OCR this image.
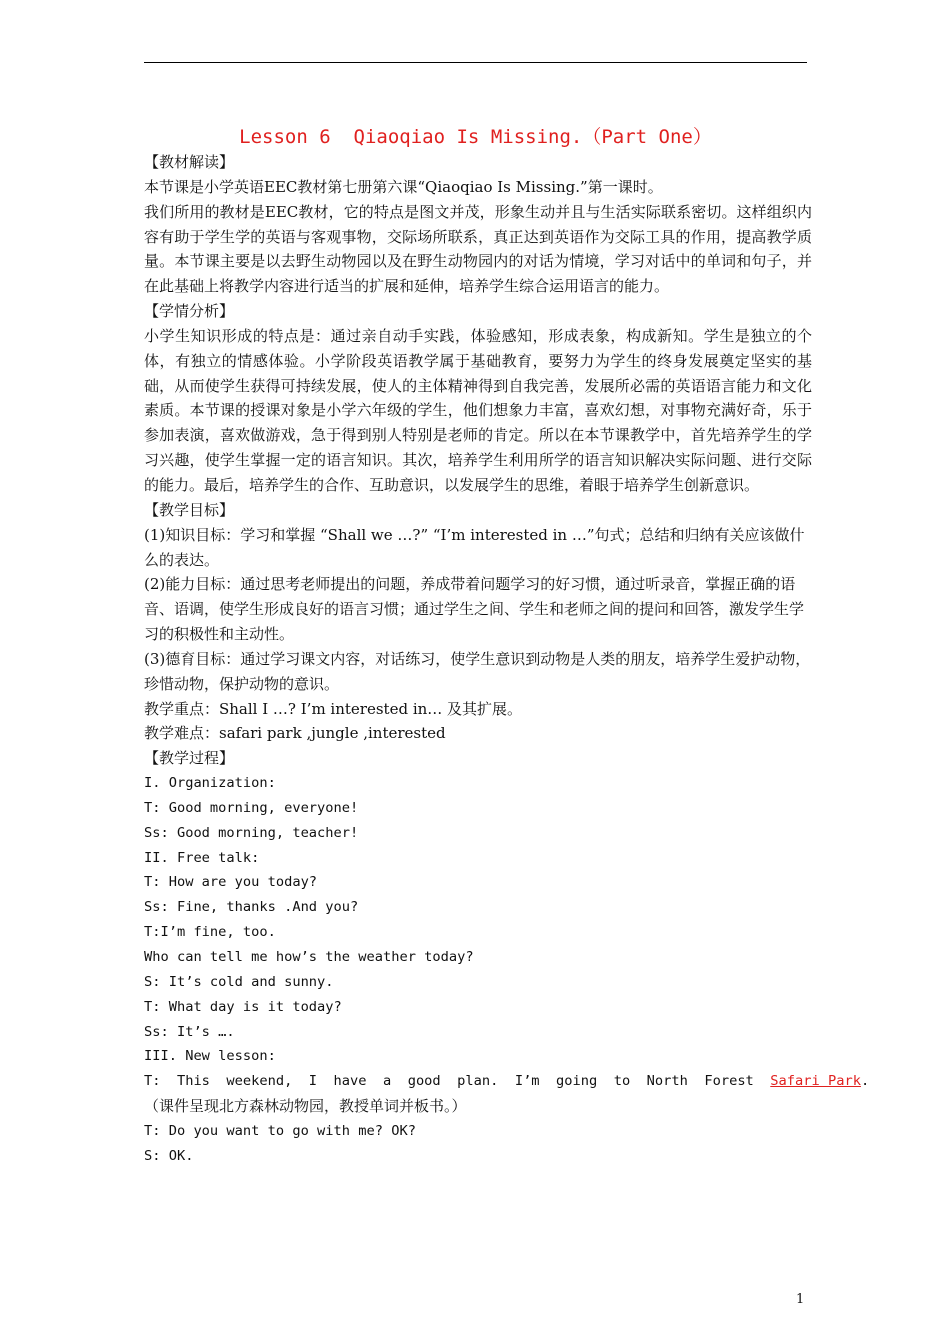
Lesson 6  Qiaoqiao Is Missing.（Part One）

【教材解读】

本节课是小学英语EEC教材第七册第六课“Qiaoqiao Is Missing.”第一课时。

我们所用的教材是EEC教材，它的特点是图文并茂，形象生动并且与生活实际联系密切。这样组织内容有助于学生学的英语与客观事物，交际场所联系，真正达到英语作为交际工具的作用，提高教学质量。本节课主要是以去野生动物园以及在野生动物园内的对话为情境，学习对话中的单词和句子，并在此基础上将教学内容进行适当的扩展和延伸，培养学生综合运用语言的能力。

【学情分析】

小学生知识形成的特点是：通过亲自动手实践，体验感知，形成表象，构成新知。学生是独立的个体，有独立的情感体验。小学阶段英语教学属于基础教育，要努力为学生的终身发展奠定坚实的基础，从而使学生获得可持续发展，使人的主体精神得到自我完善，发展所必需的英语语言能力和文化素质。本节课的授课对象是小学六年级的学生，他们想象力丰富，喜欢幻想，对事物充满好奇，乐于参加表演，喜欢做游戏，急于得到别人特别是老师的肯定。所以在本节课教学中，首先培养学生的学习兴趣，使学生掌握一定的语言知识。其次，培养学生利用所学的语言知识解决实际问题、进行交际的能力。最后，培养学生的合作、互助意识，以发展学生的思维，着眼于培养学生创新意识。

【教学目标】

(1)知识目标：学习和掌握 “Shall we …?” “I’m interested in …”句式；总结和归纳有关应该做什么的表达。

(2)能力目标：通过思考老师提出的问题，养成带着问题学习的好习惯，通过听录音，掌握正确的语音、语调，使学生形成良好的语言习惯；通过学生之间、学生和老师之间的提问和回答，激发学生学习的积极性和主动性。

(3)德育目标：通过学习课文内容，对话练习，使学生意识到动物是人类的朋友，培养学生爱护动物，珍惜动物，保护动物的意识。

教学重点：Shall I …? I’m interested in… 及其扩展。

教学难点：safari park ,jungle ,interested

【教学过程】

I. Organization:

T: Good morning, everyone!

Ss: Good morning, teacher!

II. Free talk:

T: How are you today?

Ss: Fine, thanks .And you?

T:I’m fine, too.

Who can tell me how’s the weather today?

S: It’s cold and sunny.

T: What day is it today?

Ss: It’s ….

III. New lesson:

T:  This  weekend,  I  have  a  good  plan.  I’m  going  to  North  Forest  Safari Park.

（课件呈现北方森林动物园，教授单词并板书。）

T: Do you want to go with me? OK?

S: OK.

1
